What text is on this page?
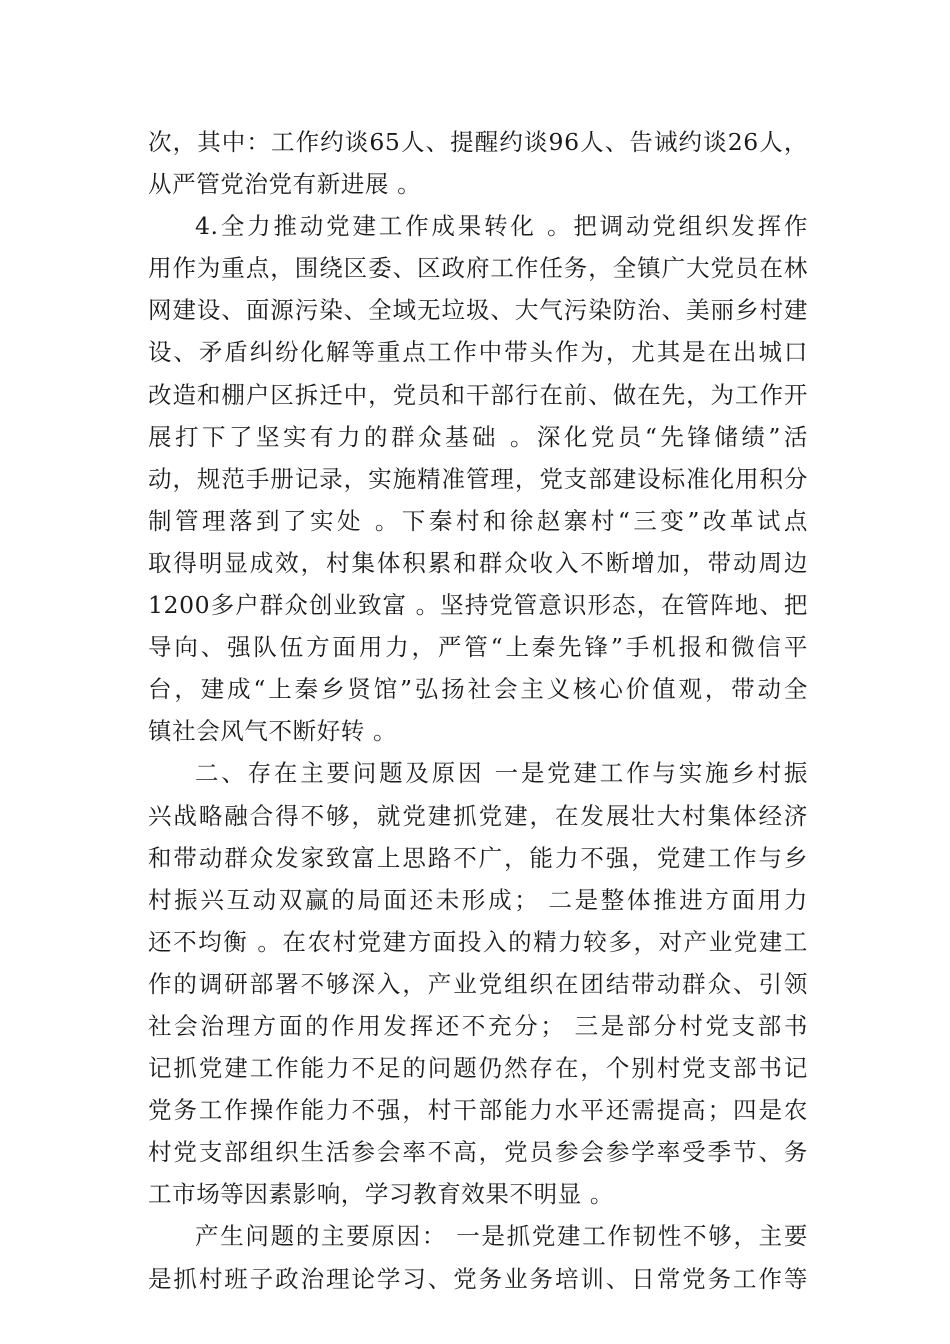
次，其中：工作约谈65人、提醒约谈96人、告诫约谈26人，
从严管党治党有新进展 。
4.全力推动党建工作成果转化 。把调动党组织发挥作
用作为重点，围绕区委、区政府工作任务，全镇广大党员在林
网建设、面源污染、全域无垃圾、大气污染防治、美丽乡村建
设、矛盾纠纷化解等重点工作中带头作为，尤其是在出城口
改造和棚户区拆迁中，党员和干部行在前、做在先，为工作开
展打下了坚实有力的群众基础 。深化党员“先锋储绩”活
动，规范手册记录，实施精准管理，党支部建设标准化用积分
制管理落到了实处 。下秦村和徐赵寨村“三变”改革试点
取得明显成效，村集体积累和群众收入不断增加，带动周边
1200多户群众创业致富 。坚持党管意识形态，在管阵地、把
导向、强队伍方面用力，严管“上秦先锋”手机报和微信平
台，建成“上秦乡贤馆”弘扬社会主义核心价值观，带动全
镇社会风气不断好转 。
二、存在主要问题及原因 一是党建工作与实施乡村振
兴战略融合得不够，就党建抓党建，在发展壮大村集体经济
和带动群众发家致富上思路不广，能力不强，党建工作与乡
村振兴互动双赢的局面还未形成； 二是整体推进方面用力
还不均衡 。在农村党建方面投入的精力较多，对产业党建工
作的调研部署不够深入，产业党组织在团结带动群众、引领
社会治理方面的作用发挥还不充分； 三是部分村党支部书
记抓党建工作能力不足的问题仍然存在，个别村党支部书记
党务工作操作能力不强，村干部能力水平还需提高；四是农
村党支部组织生活参会率不高，党员参会参学率受季节、务
工市场等因素影响，学习教育效果不明显 。
产生问题的主要原因： 一是抓党建工作韧性不够，主要
是抓村班子政治理论学习、党务业务培训、日常党务工作等
